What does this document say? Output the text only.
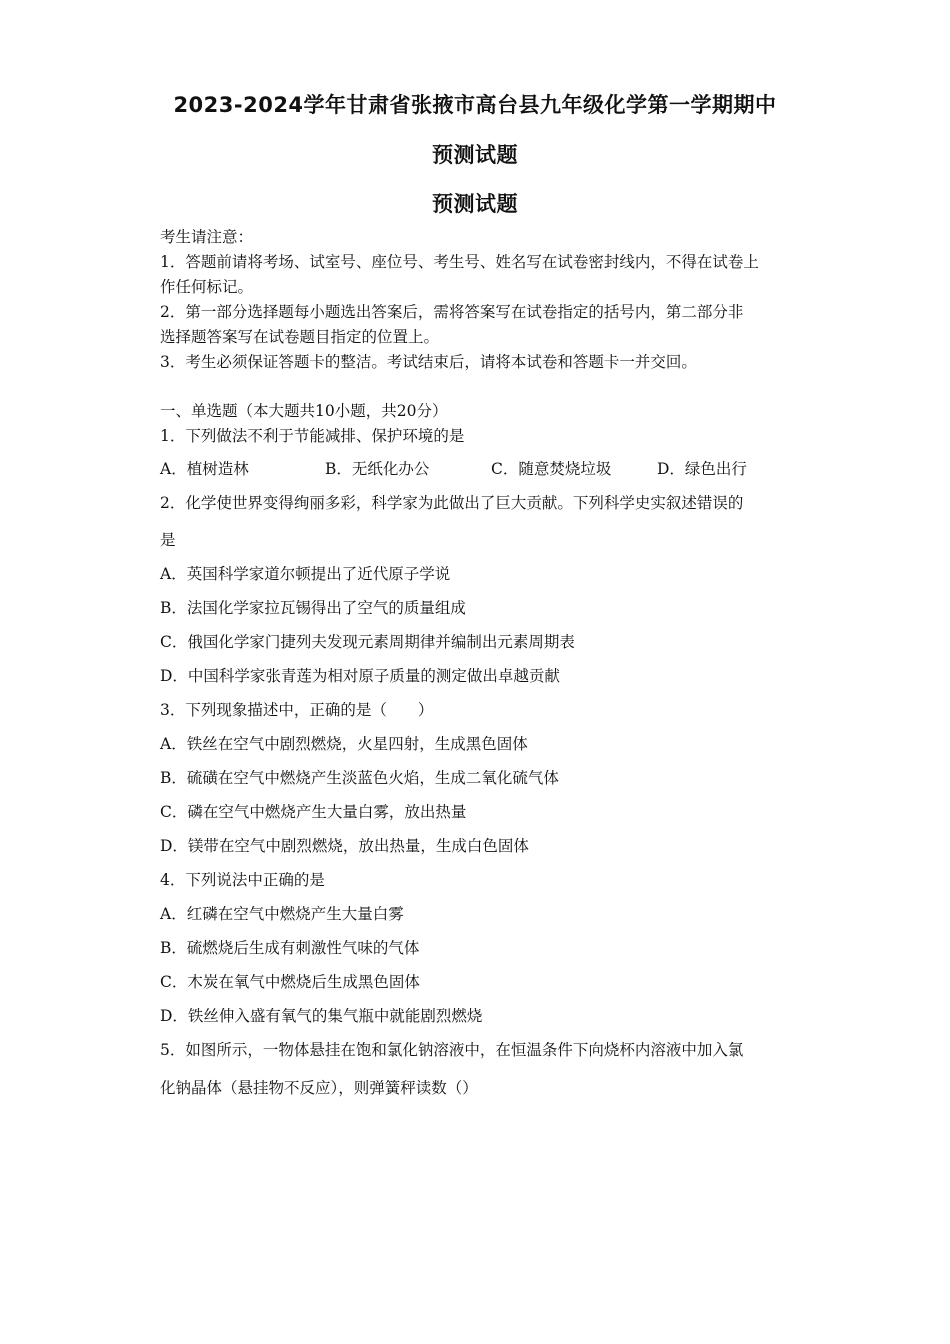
2023-2024学年甘肃省张掖市高台县九年级化学第一学期期中
预测试题
预测试题
考生请注意：
1．答题前请将考场、试室号、座位号、考生号、姓名写在试卷密封线内，不得在试卷上
作任何标记。
2．第一部分选择题每小题选出答案后，需将答案写在试卷指定的括号内，第二部分非
选择题答案写在试卷题目指定的位置上。
3．考生必须保证答题卡的整洁。考试结束后，请将本试卷和答题卡一并交回。
一、单选题（本大题共10小题，共20分）
1．下列做法不利于节能减排、保护环境的是
A．植树造林	B．无纸化办公	C．随意焚烧垃圾	D．绿色出行
2．化学使世界变得绚丽多彩，科学家为此做出了巨大贡献。下列科学史实叙述错误的
是
A．英国科学家道尔顿提出了近代原子学说
B．法国化学家拉瓦锡得出了空气的质量组成
C．俄国化学家门捷列夫发现元素周期律并编制出元素周期表
D．中国科学家张青莲为相对原子质量的测定做出卓越贡献
3．下列现象描述中，正确的是（　　）
A．铁丝在空气中剧烈燃烧，火星四射，生成黑色固体
B．硫磺在空气中燃烧产生淡蓝色火焰，生成二氧化硫气体
C．磷在空气中燃烧产生大量白雾，放出热量
D．镁带在空气中剧烈燃烧，放出热量，生成白色固体
4．下列说法中正确的是
A．红磷在空气中燃烧产生大量白雾
B．硫燃烧后生成有刺激性气味的气体
C．木炭在氧气中燃烧后生成黑色固体
D．铁丝伸入盛有氧气的集气瓶中就能剧烈燃烧
5．如图所示，一物体悬挂在饱和氯化钠溶液中，在恒温条件下向烧杯内溶液中加入氯
化钠晶体（悬挂物不反应），则弹簧秤读数（）
